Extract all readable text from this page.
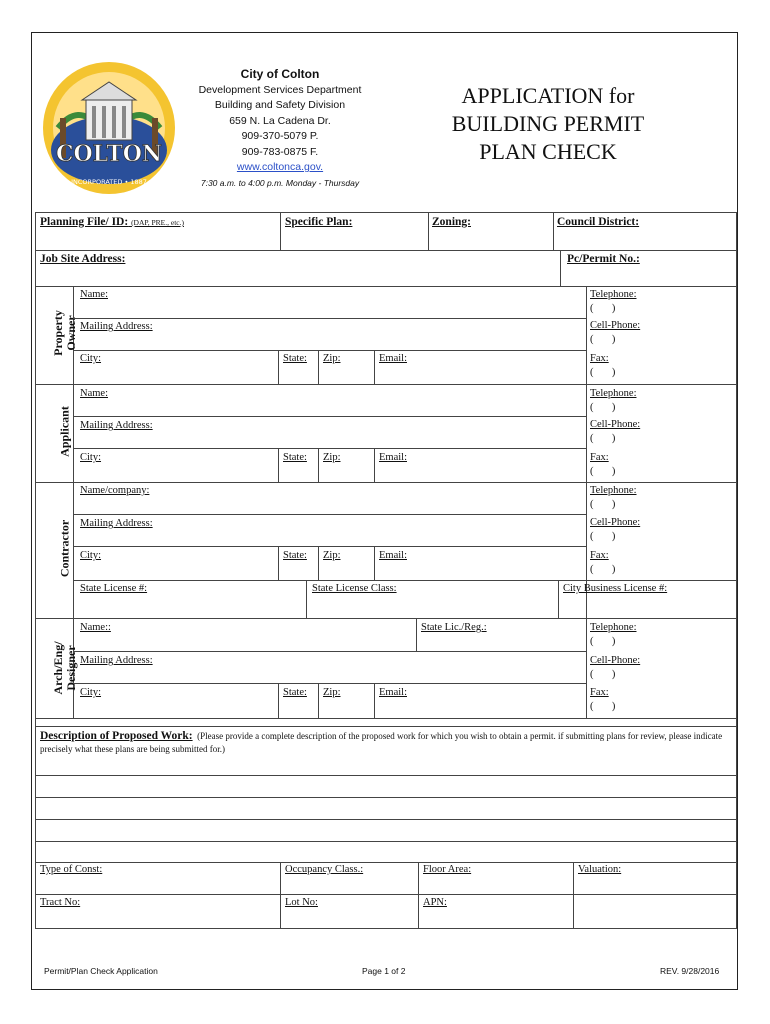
COLTON
INCORPORATED • 1887
City of Colton
Development Services Department
Building and Safety Division
659 N. La Cadena Dr.
909-370-5079 P.
909-783-0875 F.
www.coltonca.gov.
7:30 a.m. to 4:00 p.m. Monday - Thursday
APPLICATION for
BUILDING PERMIT
PLAN CHECK
Planning File/ ID: (DAP, PRE., etc.)	Specific Plan:	Zoning:	Council District:
Job Site Address:	Pc/Permit No.:
Property
Owner
Name:
Mailing Address:
City:	State: Zip:	Email:
Telephone:
(       )
Cell-Phone:
(       )
Fax:
(       )
Applicant
Name:
Mailing Address:
City:	State: Zip:	Email:
Telephone:
(       )
Cell-Phone:
(       )
Fax:
(       )
Contractor
Name/company:
Mailing Address:
City:	State: Zip:	Email:
State License #:	State License Class:	City Business License #:
Telephone:
(       )
Cell-Phone:
(       )
Fax:
(       )
Arch/Eng/
Designer
Name::	State Lic./Reg.:
Mailing Address:
City:	State: Zip:	Email:
Telephone:
(       )
Cell-Phone:
(       )
Fax:
(       )
Description of Proposed Work: (Please provide a complete description of the proposed work for which you wish to obtain a permit. if submitting plans for review, please indicate precisely what these plans are being submitted for.)
Type of Const:	Occupancy Class.:	Floor Area:	Valuation:
Tract No:	Lot No:	APN:
Permit/Plan Check Application	Page 1 of 2	REV. 9/28/2016
